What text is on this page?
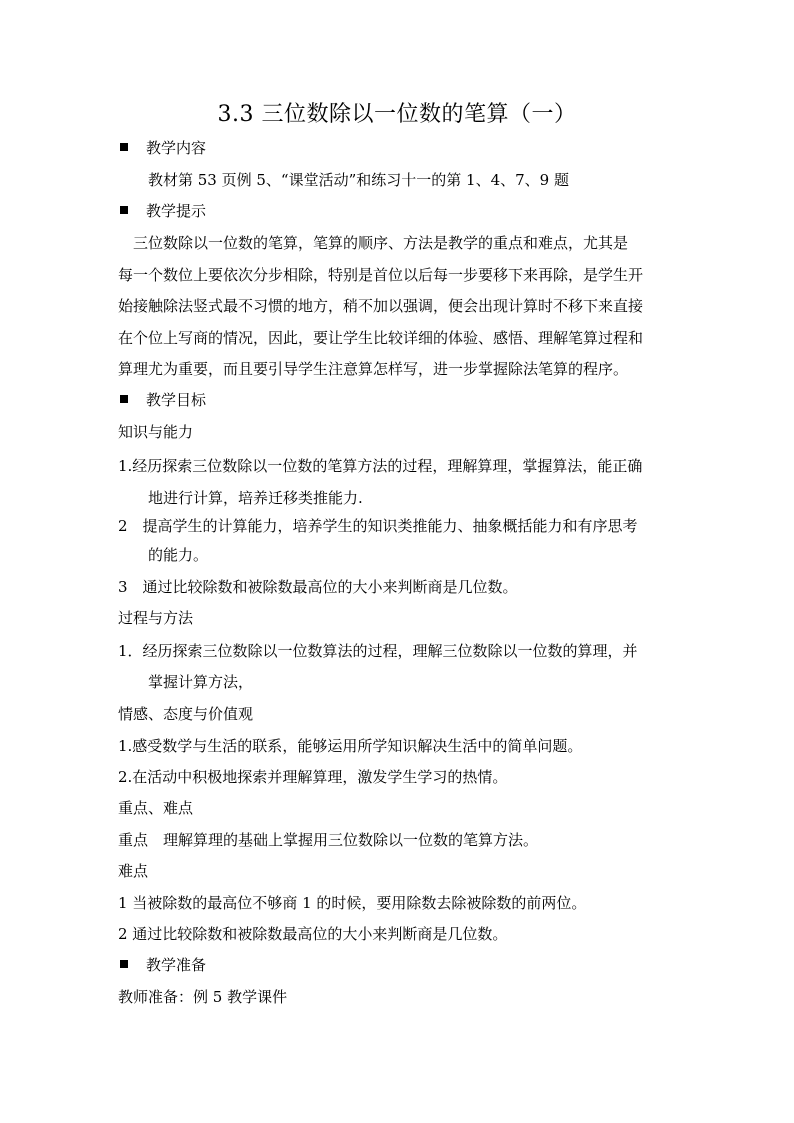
3.3 三位数除以一位数的笔算（一）
教学内容
教材第 53 页例 5、“课堂活动”和练习十一的第 1、4、7、9 题
教学提示
　三位数除以一位数的笔算，笔算的顺序、方法是教学的重点和难点，尤其是
每一个数位上要依次分步相除，特别是首位以后每一步要移下来再除，是学生开
始接触除法竖式最不习惯的地方，稍不加以强调，便会出现计算时不移下来直接
在个位上写商的情况，因此，要让学生比较详细的体验、感悟、理解笔算过程和
算理尤为重要，而且要引导学生注意算怎样写，进一步掌握除法笔算的程序。
教学目标
知识与能力
1.经历探索三位数除以一位数的笔算方法的过程，理解算理，掌握算法，能正确
地进行计算，培养迁移类推能力.
2　提高学生的计算能力，培养学生的知识类推能力、抽象概括能力和有序思考
的能力。
3　通过比较除数和被除数最高位的大小来判断商是几位数。
过程与方法
1．经历探索三位数除以一位数算法的过程，理解三位数除以一位数的算理，并
掌握计算方法，
情感、态度与价值观
1.感受数学与生活的联系，能够运用所学知识解决生活中的简单问题。
2.在活动中积极地探索并理解算理，激发学生学习的热情。
重点、难点
重点　理解算理的基础上掌握用三位数除以一位数的笔算方法。
难点
1 当被除数的最高位不够商 1 的时候，要用除数去除被除数的前两位。
2 通过比较除数和被除数最高位的大小来判断商是几位数。
教学准备
教师准备：例 5 教学课件
